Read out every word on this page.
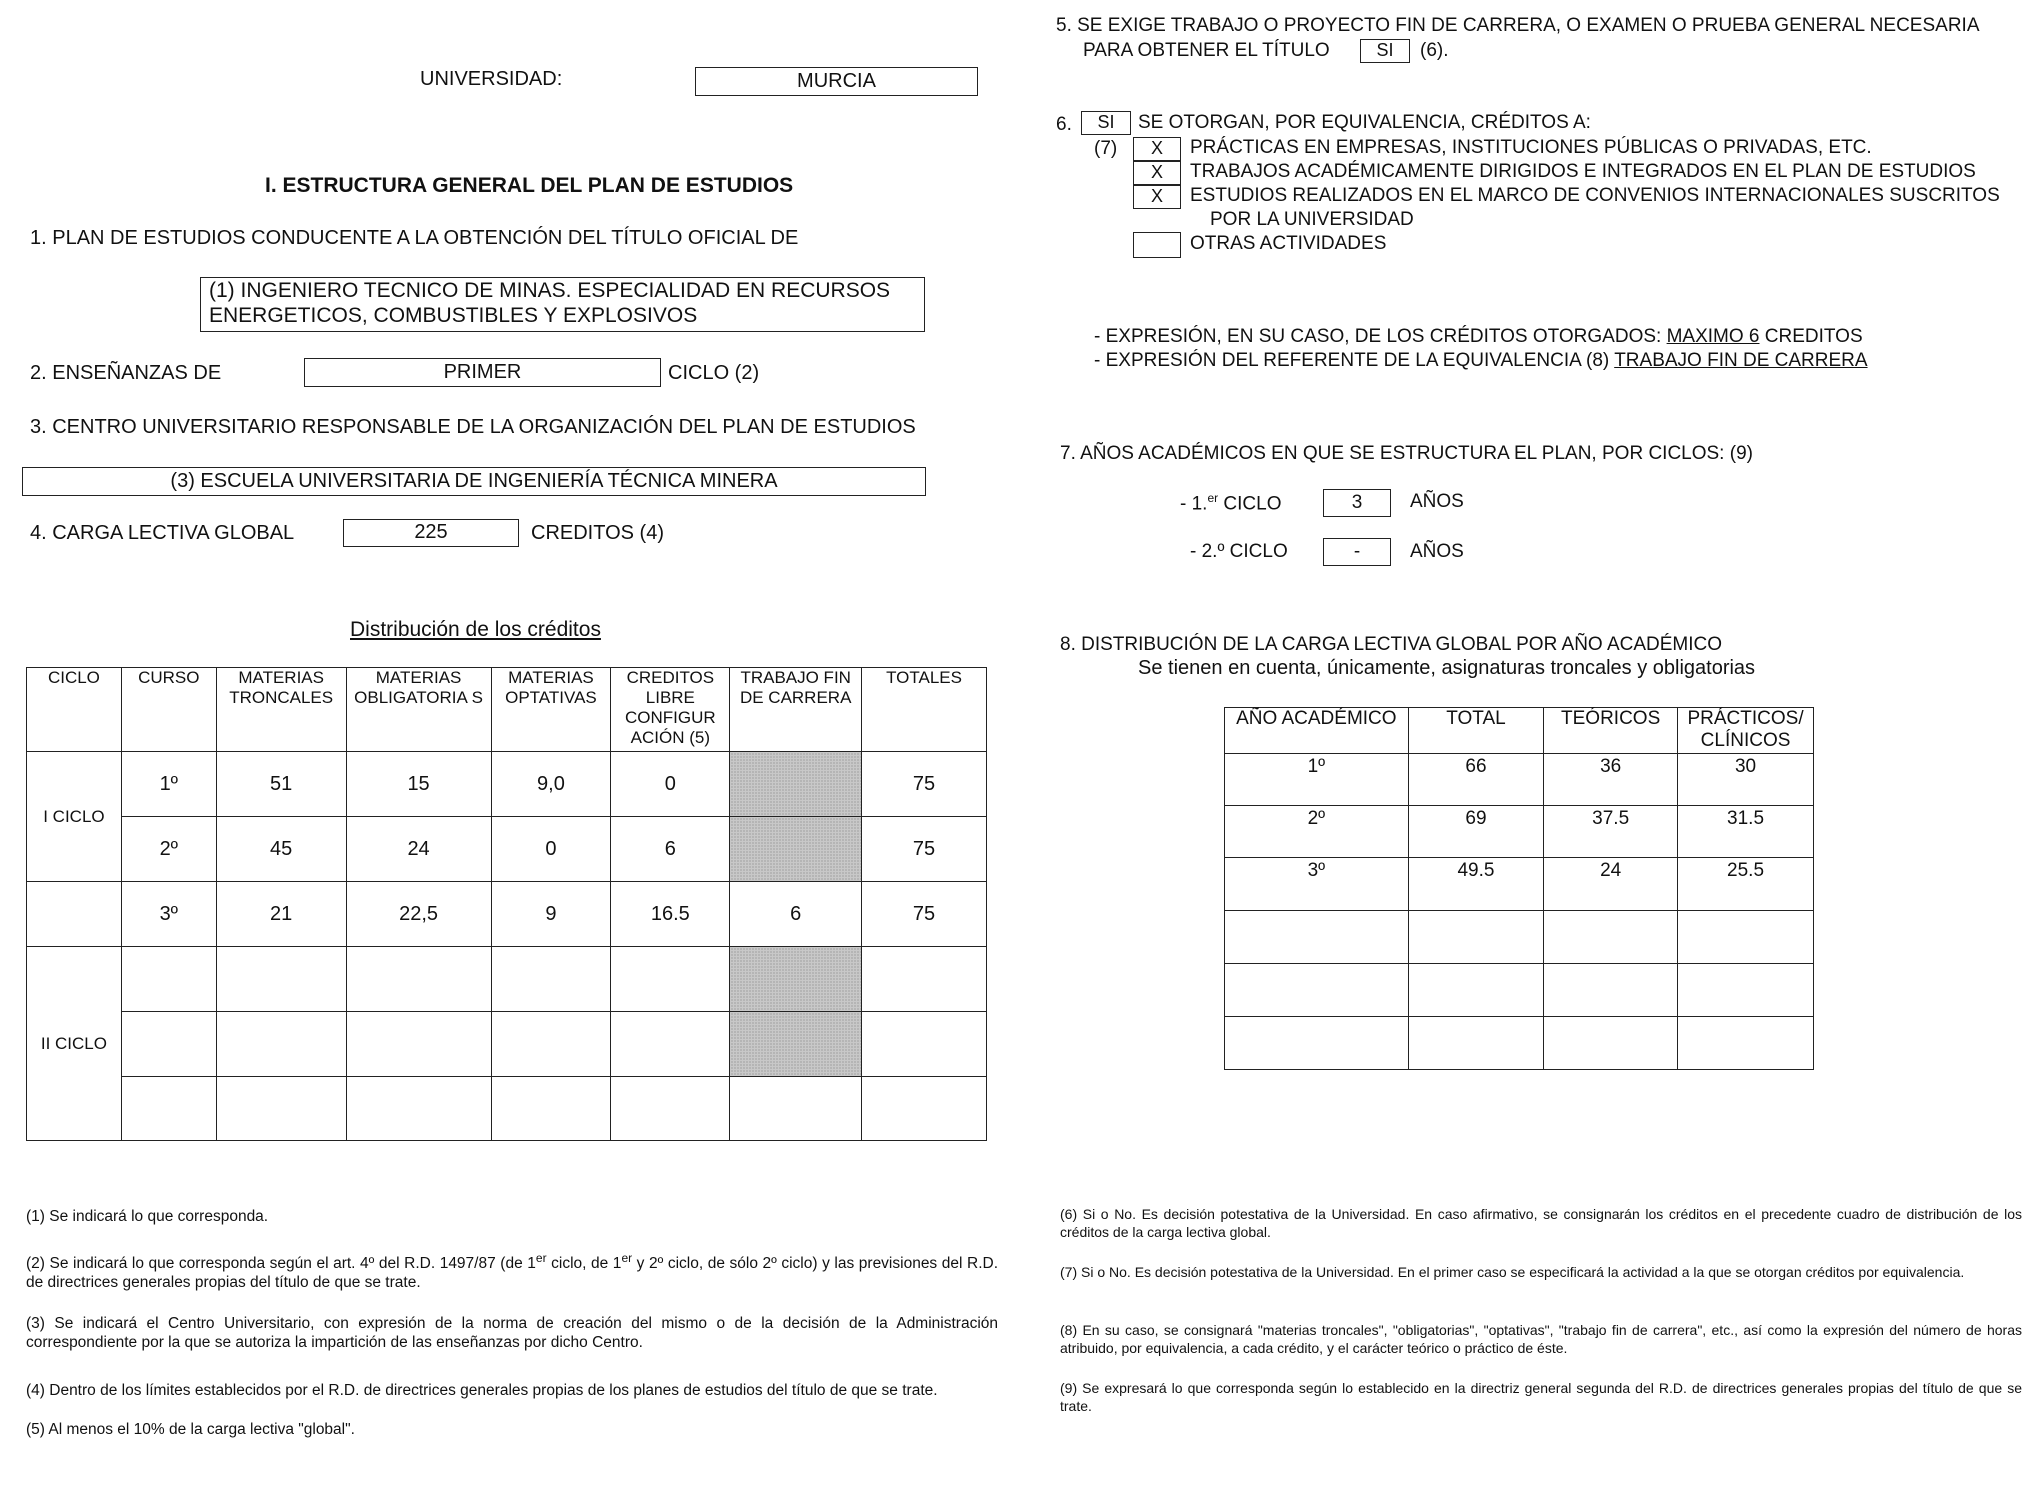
UNIVERSIDAD:	MURCIA
I. ESTRUCTURA GENERAL DEL PLAN DE ESTUDIOS
1. PLAN DE ESTUDIOS CONDUCENTE A LA OBTENCIÓN DEL TÍTULO OFICIAL DE
(1) INGENIERO TECNICO DE MINAS. ESPECIALIDAD EN RECURSOS
ENERGETICOS, COMBUSTIBLES Y EXPLOSIVOS
2. ENSEÑANZAS DE	PRIMER	CICLO (2)
3. CENTRO UNIVERSITARIO RESPONSABLE DE LA ORGANIZACIÓN DEL PLAN DE ESTUDIOS
(3) ESCUELA UNIVERSITARIA DE INGENIERÍA TÉCNICA MINERA
4. CARGA LECTIVA GLOBAL	225	CREDITOS (4)
Distribución de los créditos
CICLO	CURSO	MATERIAS TRONCALES	MATERIAS OBLIGATORIA S	MATERIAS OPTATIVAS	CREDITOS LIBRE CONFIGUR ACIÓN (5)	TRABAJO FIN DE CARRERA	TOTALES
I CICLO	1º	51	15	9,0	0		75
	2º	45	24	0	6		75
	3º	21	22,5	9	16.5	6	75
II CICLO							

(1) Se indicará lo que corresponda.
(2) Se indicará lo que corresponda según el art. 4º del R.D. 1497/87 (de 1er ciclo, de 1er y 2º ciclo, de sólo 2º ciclo) y las previsiones del R.D. de directrices generales propias del título de que se trate.
(3) Se indicará el Centro Universitario, con expresión de la norma de creación del mismo o de la decisión de la Administración correspondiente por la que se autoriza la impartición de las enseñanzas por dicho Centro.
(4) Dentro de los límites establecidos por el R.D. de directrices generales propias de los planes de estudios del título de que se trate.
(5) Al menos el 10% de la carga lectiva "global".
5. SE EXIGE TRABAJO O PROYECTO FIN DE CARRERA, O EXAMEN O PRUEBA GENERAL NECESARIA
PARA OBTENER EL TÍTULO	SI	(6).
6.	SI	SE OTORGAN, POR EQUIVALENCIA, CRÉDITOS A:
(7)	X	PRÁCTICAS EN EMPRESAS, INSTITUCIONES PÚBLICAS O PRIVADAS, ETC.
X	TRABAJOS ACADÉMICAMENTE DIRIGIDOS E INTEGRADOS EN EL PLAN DE ESTUDIOS
X	ESTUDIOS REALIZADOS EN EL MARCO DE CONVENIOS INTERNACIONALES SUSCRITOS
POR LA UNIVERSIDAD
OTRAS ACTIVIDADES
- EXPRESIÓN, EN SU CASO, DE LOS CRÉDITOS OTORGADOS: MAXIMO 6 CREDITOS
- EXPRESIÓN DEL REFERENTE DE LA EQUIVALENCIA (8) TRABAJO FIN DE CARRERA
7. AÑOS ACADÉMICOS EN QUE SE ESTRUCTURA EL PLAN, POR CICLOS: (9)
- 1.$^{er}$ CICLO	3	AÑOS
- 2.º CICLO	-	AÑOS
8. DISTRIBUCIÓN DE LA CARGA LECTIVA GLOBAL POR AÑO ACADÉMICO
Se tienen en cuenta, únicamente, asignaturas troncales y obligatorias
AÑO ACADÉMICO	TOTAL	TEÓRICOS	PRÁCTICOS/ CLÍNICOS
1º	66	36	30
2º	69	37.5	31.5
3º	49.5	24	25.5

(6) Si o No. Es decisión potestativa de la Universidad. En caso afirmativo, se consignarán los créditos en el precedente cuadro de distribución de los créditos de la carga lectiva global.
(7) Si o No. Es decisión potestativa de la Universidad. En el primer caso se especificará la actividad a la que se otorgan créditos por equivalencia.
(8) En su caso, se consignará "materias troncales", "obligatorias", "optativas", "trabajo fin de carrera", etc., así como la expresión del número de horas atribuido, por equivalencia, a cada crédito, y el carácter teórico o práctico de éste.
(9) Se expresará lo que corresponda según lo establecido en la directriz general segunda del R.D. de directrices generales propias del título de que se trate.
